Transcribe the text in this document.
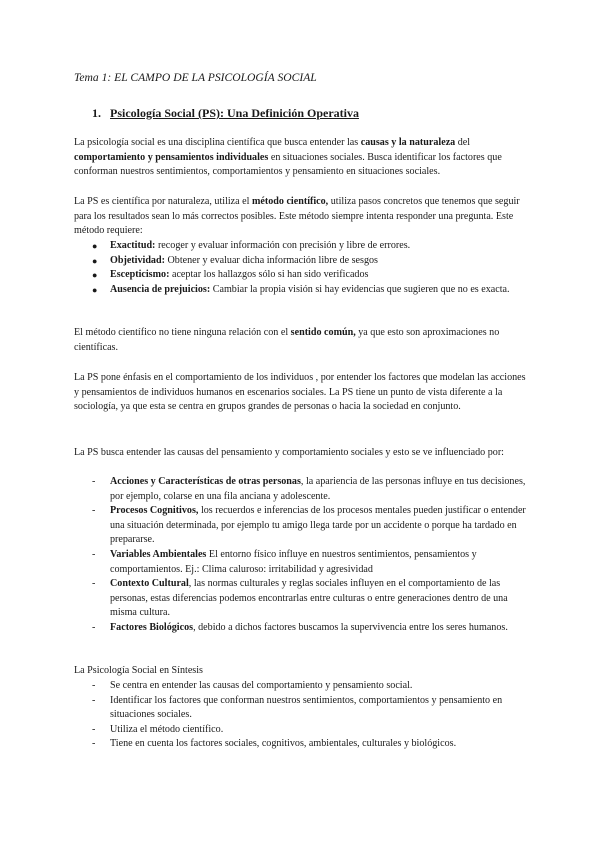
Tema 1: EL CAMPO DE LA PSICOLOGÍA SOCIAL
1. Psicología Social (PS): Una Definición Operativa

La psicología social es una disciplina científica que busca entender las causas y la naturaleza del comportamiento y pensamientos individuales en situaciones sociales. Busca identificar los factores que conforman nuestros sentimientos, comportamientos y pensamiento en situaciones sociales.

La PS es científica por naturaleza, utiliza el método científico, utiliza pasos concretos que tenemos que seguir para los resultados sean lo más correctos posibles. Este método siempre intenta responder una pregunta. Este método requiere:

●	Exactitud: recoger y evaluar información con precisión y libre de errores.
●	Objetividad: Obtener y evaluar dicha información libre de sesgos
●	Escepticismo: aceptar los hallazgos sólo si han sido verificados
●	Ausencia de prejuicios: Cambiar la propia visión si hay evidencias que sugieren que no es exacta.

El método científico no tiene ninguna relación con el sentido común, ya que esto son aproximaciones no científicas.

La PS pone énfasis en el comportamiento de los individuos , por entender los factores que modelan las acciones y pensamientos de individuos humanos en escenarios sociales. La PS tiene un punto de vista diferente a la sociología, ya que esta se centra en grupos grandes de personas o hacia la sociedad en conjunto.

La PS busca entender las causas del pensamiento y comportamiento sociales y esto se ve influenciado por:

-	Acciones y Características de otras personas, la apariencia de las personas influye en tus decisiones, por ejemplo, colarse en una fila anciana y adolescente.
-	Procesos Cognitivos, los recuerdos e inferencias de los procesos mentales pueden justificar o entender una situación determinada, por ejemplo tu amigo llega tarde por un accidente o porque ha tardado en prepararse.
-	Variables Ambientales El entorno físico influye en nuestros sentimientos, pensamientos y comportamientos. Ej.: Clima caluroso: irritabilidad y agresividad
-	Contexto Cultural, las normas culturales y reglas sociales influyen en el comportamiento de las personas, estas diferencias podemos encontrarlas entre culturas o entre generaciones dentro de una misma cultura.
-	Factores Biológicos, debido a dichos factores buscamos la supervivencia entre los seres humanos.

La Psicología Social en Síntesis

-	Se centra en entender las causas del comportamiento y pensamiento social.
-	Identificar los factores que conforman nuestros sentimientos, comportamientos y pensamiento en situaciones sociales.
-	Utiliza el método científico.
-	Tiene en cuenta los factores sociales, cognitivos, ambientales, culturales y biológicos.
